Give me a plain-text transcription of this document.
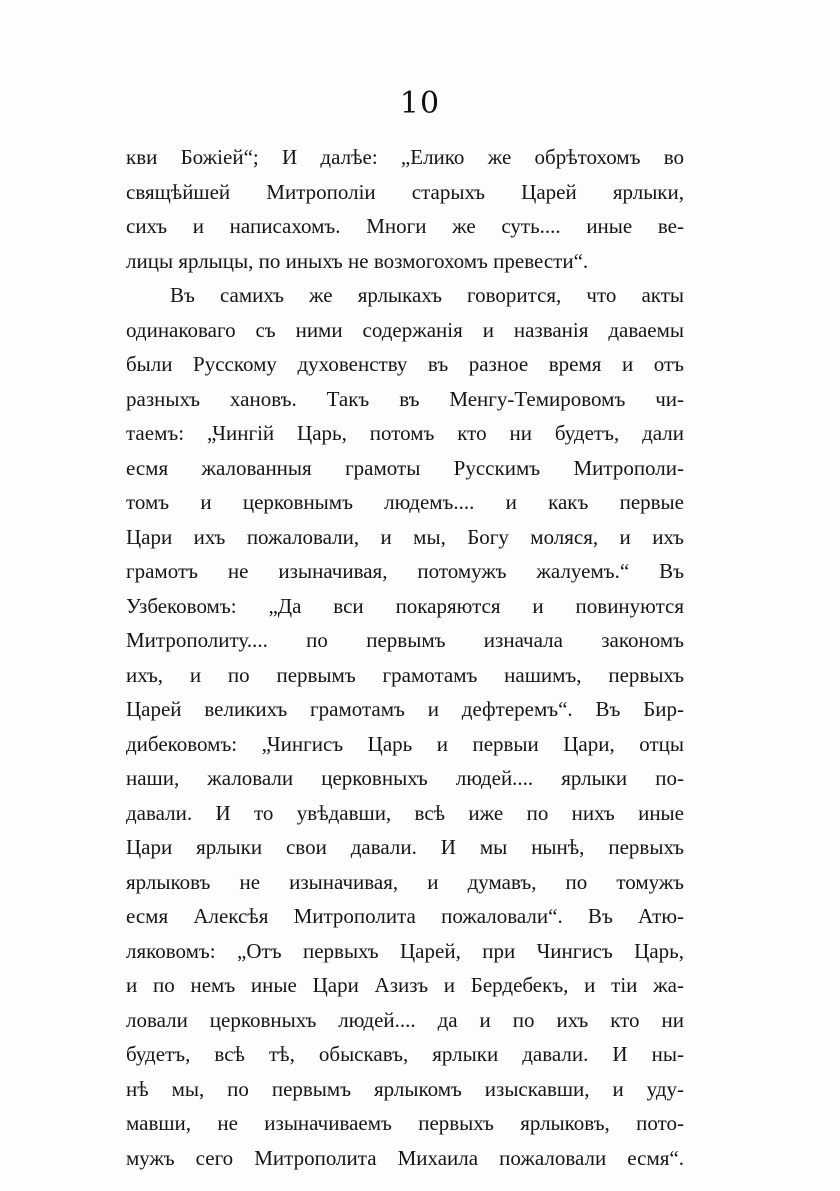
10
кви Божіей“; И далѣе: „Елико же обрѣтохомъ во
свящѣйшей Митрополіи старыхъ Царей ярлыки,
сихъ и написахомъ. Многи же суть.... иные ве-
лицы ярлыцы, по иныхъ не возмогохомъ превести“.
Въ самихъ же ярлыкахъ говорится, что акты
одинаковаго съ ними содержанія и названія даваемы
были Русскому духовенству въ разное время и отъ
разныхъ хановъ. Такъ въ Менгу-Темировомъ чи-
таемъ: „Чингій Царь, потомъ кто ни будетъ, дали
есмя жалованныя грамоты Русскимъ Митрополи-
томъ и церковнымъ людемъ.... и какъ первые
Цари ихъ пожаловали, и мы, Богу моляся, и ихъ
грамотъ не изыначивая, потомужъ жалуемъ.“ Въ
Узбековомъ: „Да вси покаряются и повинуются
Митрополиту.... по первымъ изначала закономъ
ихъ, и по первымъ грамотамъ нашимъ, первыхъ
Царей великихъ грамотамъ и дефтеремъ“. Въ Бир-
дибековомъ: „Чингисъ Царь и первыи Цари, отцы
наши, жаловали церковныхъ людей.... ярлыки по-
давали. И то увѣдавши, всѣ иже по нихъ иные
Цари ярлыки свои давали. И мы нынѣ, первыхъ
ярлыковъ не изыначивая, и думавъ, по томужъ
есмя Алексѣя Митрополита пожаловали“. Въ Атю-
ляковомъ: „Отъ первыхъ Царей, при Чингисъ Царь,
и по немъ иные Цари Азизъ и Бердебекъ, и тіи жа-
ловали церковныхъ людей.... да и по ихъ кто ни
будетъ, всѣ тѣ, обыскавъ, ярлыки давали. И ны-
нѣ мы, по первымъ ярлыкомъ изыскавши, и уду-
мавши, не изыначиваемъ первыхъ ярлыковъ, пото-
мужъ сего Митрополита Михаила пожаловали есмя“.
